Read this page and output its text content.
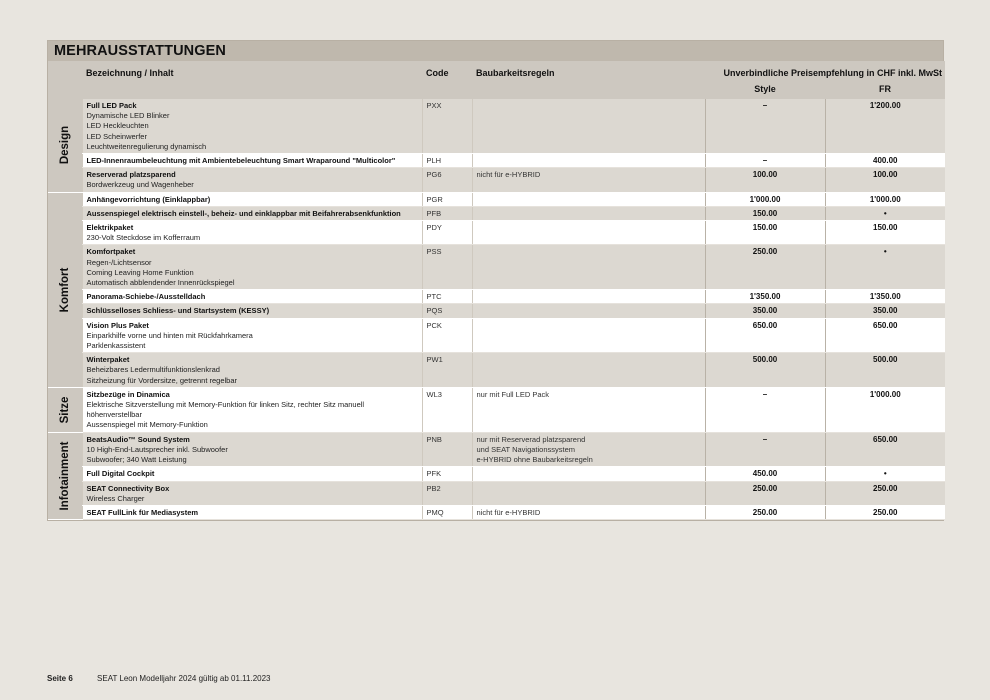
MEHRAUSSTATTUNGEN
	Bezeichnung / Inhalt	Code	Baubarkeitsregeln	Unverbindliche Preisempfehlung in CHF inkl. MwSt	
				Style	FR

Design	Full LED Pack
Dynamische LED Blinker
LED Heckleuchten
LED Scheinwerfer
Leuchtweitenregulierung dynamisch	PXX		–	1'200.00

	LED-Innenraumbeleuchtung mit Ambientebeleuchtung Smart Wraparound "Multicolor"	PLH		–	400.00

	Reserverad platzsparend
Bordwerkzeug und Wagenheber	PG6	nicht für e-HYBRID	100.00	100.00

Komfort	Anhängevorrichtung (Einklappbar)	PGR		1'000.00	1'000.00

	Aussenspiegel elektrisch einstell-, beheiz- und einklappbar mit Beifahrerabsenkfunktion	PFB		150.00	•

	Elektrikpaket
230-Volt Steckdose im Kofferraum	PDY		150.00	150.00

	Komfortpaket
Regen-/Lichtsensor
Coming Leaving Home Funktion
Automatisch abblendender Innenrückspiegel	PSS		250.00	•

	Panorama-Schiebe-/Ausstelldach	PTC		1'350.00	1'350.00

	Schlüsselloses Schliess- und Startsystem (KESSY)	PQS		350.00	350.00

	Vision Plus Paket
Einparkhilfe vorne und hinten mit Rückfahrkamera
Parklenkassistent	PCK		650.00	650.00

	Winterpaket
Beheizbares Ledermultifunktionslenkrad
Sitzheizung für Vordersitze, getrennt regelbar	PW1		500.00	500.00

Sitze	Sitzbezüge in Dinamica
Elektrische Sitzverstellung mit Memory-Funktion für linken Sitz, rechter Sitz manuell
höhenverstellbar
Aussenspiegel mit Memory-Funktion	WL3	nur mit Full LED Pack	–	1'000.00

Infotainment	BeatsAudio™ Sound System
10 High-End-Lautsprecher inkl. Subwoofer
Subwoofer; 340 Watt Leistung	PNB	nur mit Reserverad platzsparend
und SEAT Navigationssystem
e-HYBRID ohne Baubarkeitsregeln	–	650.00

	Full Digital Cockpit	PFK		450.00	•

	SEAT Connectivity Box
Wireless Charger	PB2		250.00	250.00

	SEAT FullLink für Mediasystem	PMQ	nicht für e-HYBRID	250.00	250.00
Seite 6	SEAT Leon Modelljahr 2024 gültig ab 01.11.2023
